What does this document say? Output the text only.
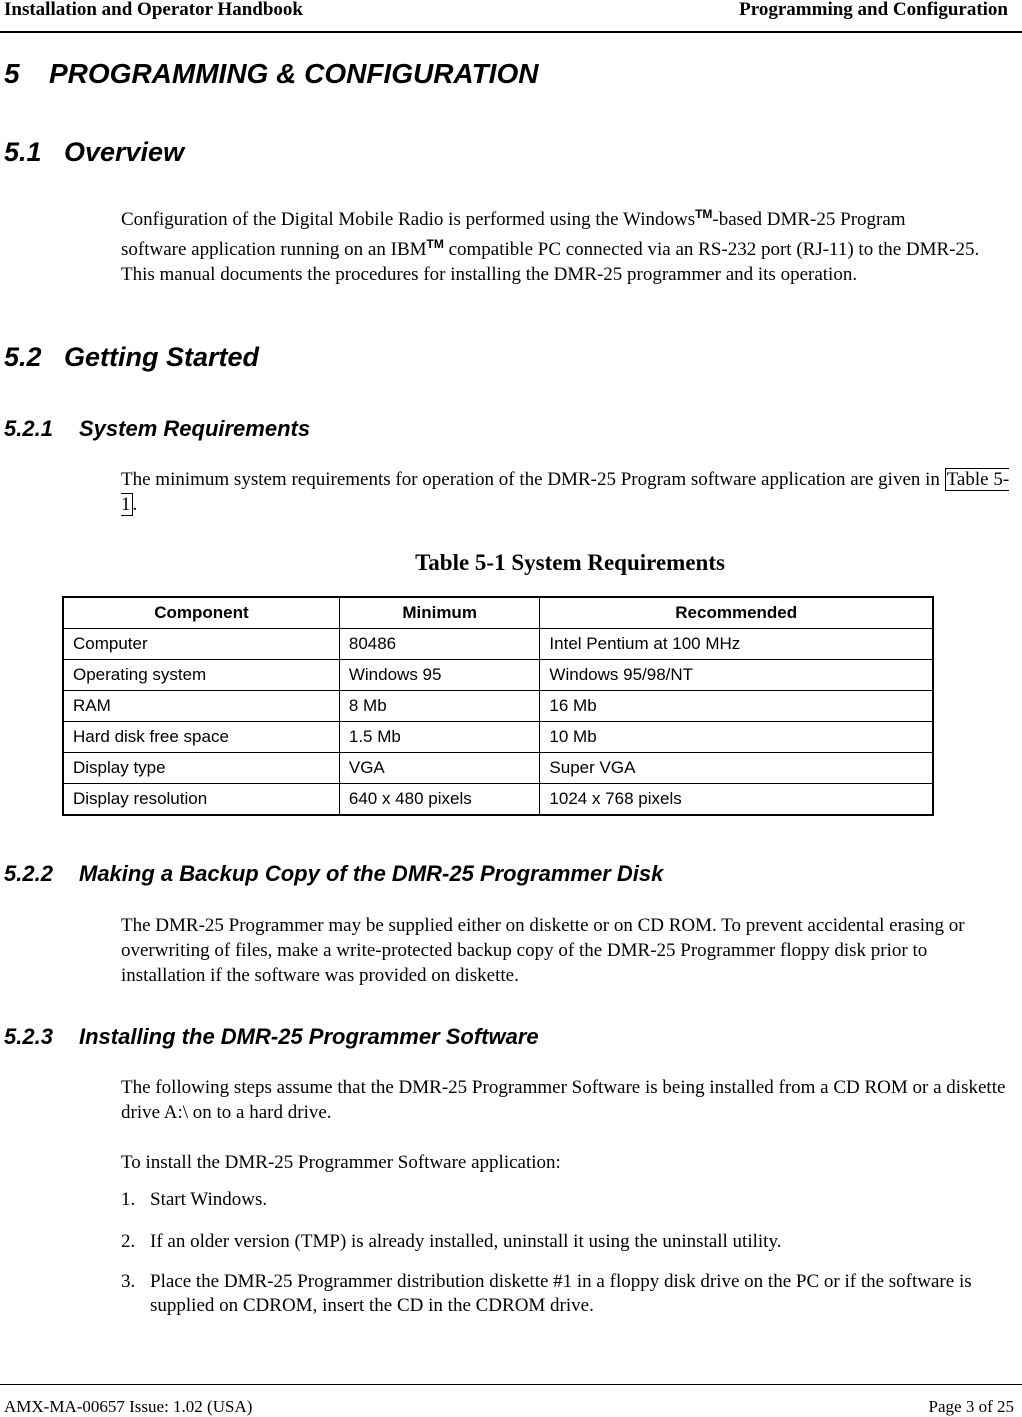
Installation and Operator Handbook	Programming and Configuration
5 PROGRAMMING & CONFIGURATION
5.1 Overview
Configuration of the Digital Mobile Radio is performed using the Windows™-based DMR-25 Program
software application running on an IBM™ compatible PC connected via an RS-232 port (RJ-11) to the DMR-25. This manual documents the procedures for installing the DMR-25 programmer and its operation.
5.2 Getting Started
5.2.1 System Requirements
The minimum system requirements for operation of the DMR-25 Program software application are given in Table 5-1 .
Table 5-1 System Requirements
Component	Minimum	Recommended
Computer	80486	Intel Pentium at 100 MHz
Operating system	Windows 95	Windows 95/98/NT
RAM	8 Mb	16 Mb
Hard disk free space	1.5 Mb	10 Mb
Display type	VGA	Super VGA
Display resolution	640 x 480 pixels	1024 x 768 pixels
5.2.2 Making a Backup Copy of the DMR-25 Programmer Disk
The DMR-25 Programmer may be supplied either on diskette or on CD ROM. To prevent accidental erasing or overwriting of files, make a write-protected backup copy of the DMR-25 Programmer floppy disk prior to installation if the software was provided on diskette.
5.2.3 Installing the DMR-25 Programmer Software
The following steps assume that the DMR-25 Programmer Software is being installed from a CD ROM or a diskette drive A:\ on to a hard drive.
To install the DMR-25 Programmer Software application:
1. Start Windows.
2. If an older version (TMP) is already installed, uninstall it using the uninstall utility.
3. Place the DMR-25 Programmer distribution diskette #1 in a floppy disk drive on the PC or if the software is supplied on CDROM, insert the CD in the CDROM drive.
AMX-MA-00657 Issue: 1.02 (USA)	Page 3 of 25
